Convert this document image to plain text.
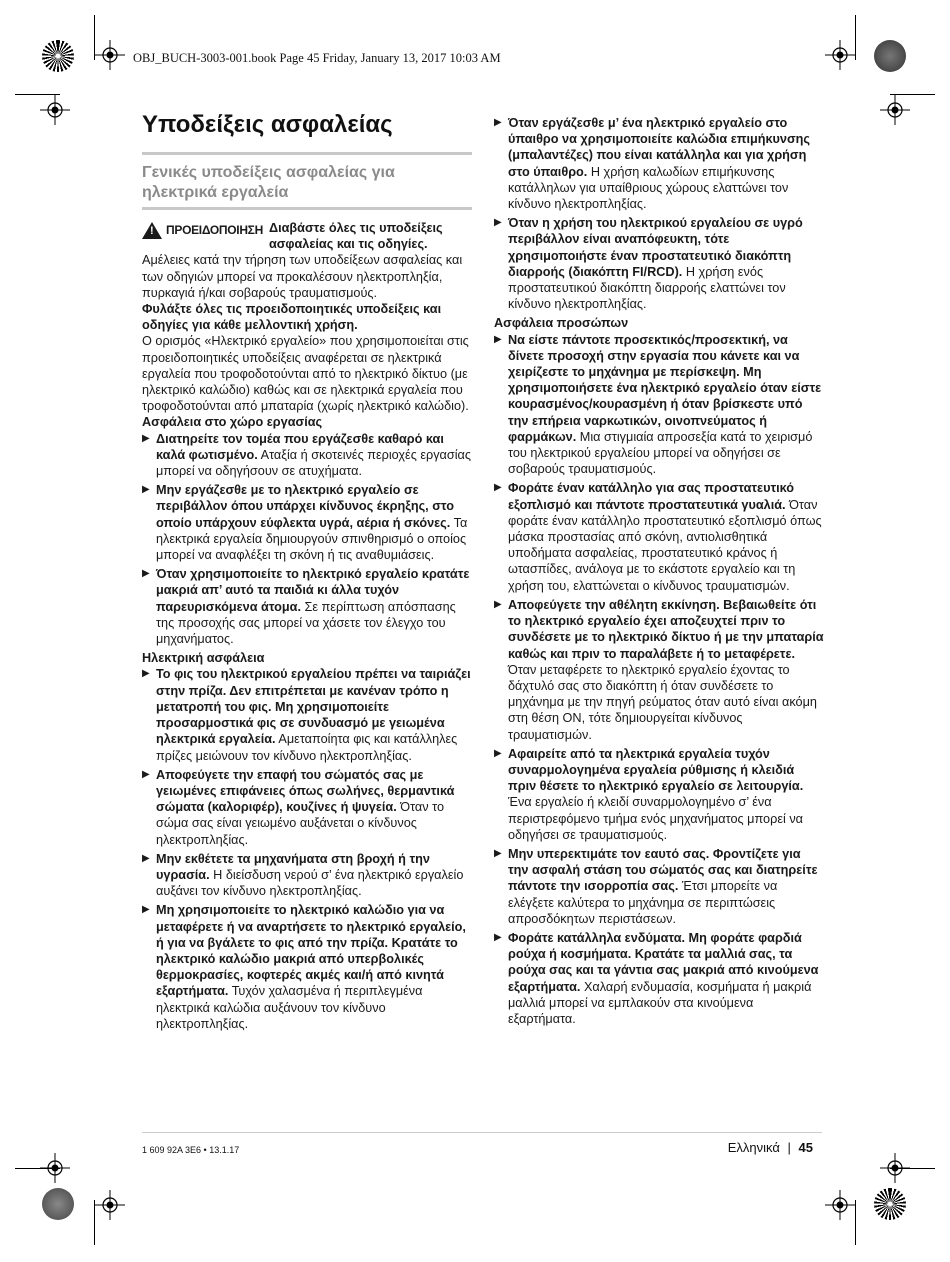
OBJ_BUCH-3003-001.book Page 45 Friday, January 13, 2017 10:03 AM
Υποδείξεις ασφαλείας
Γενικές υποδείξεις ασφαλείας για ηλεκτρικά εργαλεία

! ΠΡΟΕΙΔΟΠΟΙΗΣΗ Διαβάστε όλες τις υποδείξεις ασφαλείας και τις οδηγίες. Αμέλειες κατά την τήρηση των υποδείξεων ασφαλείας και των οδηγιών μπορεί να προκαλέσουν ηλεκτροπληξία, πυρκαγιά ή/και σοβαρούς τραυματισμούς.

Φυλάξτε όλες τις προειδοποιητικές υποδείξεις και οδηγίες για κάθε μελλοντική χρήση.

Ο ορισμός «Ηλεκτρικό εργαλείο» που χρησιμοποιείται στις προειδοποιητικές υποδείξεις αναφέρεται σε ηλεκτρικά εργαλεία που τροφοδοτούνται από το ηλεκτρικό δίκτυο (με ηλεκτρικό καλώδιο) καθώς και σε ηλεκτρικά εργαλεία που τροφοδοτούνται από μπαταρία (χωρίς ηλεκτρικό καλώδιο).

Ασφάλεια στο χώρο εργασίας

▶ Διατηρείτε τον τομέα που εργάζεσθε καθαρό και καλά φωτισμένο. Αταξία ή σκοτεινές περιοχές εργασίας μπορεί να οδηγήσουν σε ατυχήματα.
▶ Μην εργάζεσθε με το ηλεκτρικό εργαλείο σε περιβάλλον όπου υπάρχει κίνδυνος έκρηξης, στο οποίο υπάρχουν εύφλεκτα υγρά, αέρια ή σκόνες. Τα ηλεκτρικά εργαλεία δημιουργούν σπινθηρισμό ο οποίος μπορεί να αναφλέξει τη σκόνη ή τις αναθυμιάσεις.
▶ Όταν χρησιμοποιείτε το ηλεκτρικό εργαλείο κρατάτε μακριά απ’ αυτό τα παιδιά κι άλλα τυχόν παρευρισκόμενα άτομα. Σε περίπτωση απόσπασης της προσοχής σας μπορεί να χάσετε τον έλεγχο του μηχανήματος.

Ηλεκτρική ασφάλεια

▶ Το φις του ηλεκτρικού εργαλείου πρέπει να ταιριάζει στην πρίζα. Δεν επιτρέπεται με κανέναν τρόπο η μετατροπή του φις. Μη χρησιμοποιείτε προσαρμοστικά φις σε συνδυασμό με γειωμένα ηλεκτρικά εργαλεία. Αμεταποίητα φις και κατάλληλες πρίζες μειώνουν τον κίνδυνο ηλεκτροπληξίας.
▶ Αποφεύγετε την επαφή του σώματός σας με γειωμένες επιφάνειες όπως σωλήνες, θερμαντικά σώματα (καλοριφέρ), κουζίνες ή ψυγεία. Όταν το σώμα σας είναι γειωμένο αυξάνεται ο κίνδυνος ηλεκτροπληξίας.
▶ Μην εκθέτετε τα μηχανήματα στη βροχή ή την υγρασία. Η διείσδυση νερού σ’ ένα ηλεκτρικό εργαλείο αυξάνει τον κίνδυνο ηλεκτροπληξίας.
▶ Μη χρησιμοποιείτε το ηλεκτρικό καλώδιο για να μεταφέρετε ή να αναρτήσετε το ηλεκτρικό εργαλείο, ή για να βγάλετε το φις από την πρίζα. Κρατάτε το ηλεκτρικό καλώδιο μακριά από υπερβολικές θερμοκρασίες, κοφτερές ακμές και/ή από κινητά εξαρτήματα. Τυχόν χαλασμένα ή περιπλεγμένα ηλεκτρικά καλώδια αυξάνουν τον κίνδυνο ηλεκτροπληξίας.
▶ Όταν εργάζεσθε μ’ ένα ηλεκτρικό εργαλείο στο ύπαιθρο να χρησιμοποιείτε καλώδια επιμήκυνσης (μπαλαντέζες) που είναι κατάλληλα και για χρήση στο ύπαιθρο. Η χρήση καλωδίων επιμήκυνσης κατάλληλων για υπαίθριους χώρους ελαττώνει τον κίνδυνο ηλεκτροπληξίας.
▶ Όταν η χρήση του ηλεκτρικού εργαλείου σε υγρό περιβάλλον είναι αναπόφευκτη, τότε χρησιμοποιήστε έναν προστατευτικό διακόπτη διαρροής (διακόπτη FI/RCD). Η χρήση ενός προστατευτικού διακόπτη διαρροής ελαττώνει τον κίνδυνο ηλεκτροπληξίας.

Ασφάλεια προσώπων

▶ Να είστε πάντοτε προσεκτικός/προσεκτική, να δίνετε προσοχή στην εργασία που κάνετε και να χειρίζεστε το μηχάνημα με περίσκεψη. Μη χρησιμοποιήσετε ένα ηλεκτρικό εργαλείο όταν είστε κουρασμένος/κουρασμένη ή όταν βρίσκεστε υπό την επήρεια ναρκωτικών, οινοπνεύματος ή φαρμάκων. Μια στιγμιαία απροσεξία κατά το χειρισμό του ηλεκτρικού εργαλείου μπορεί να οδηγήσει σε σοβαρούς τραυματισμούς.
▶ Φοράτε έναν κατάλληλο για σας προστατευτικό εξοπλισμό και πάντοτε προστατευτικά γυαλιά. Όταν φοράτε έναν κατάλληλο προστατευτικό εξοπλισμό όπως μάσκα προστασίας από σκόνη, αντιολισθητικά υποδήματα ασφαλείας, προστατευτικό κράνος ή ωτασπίδες, ανάλογα με το εκάστοτε εργαλείο και τη χρήση του, ελαττώνεται ο κίνδυνος τραυματισμών.
▶ Αποφεύγετε την αθέλητη εκκίνηση. Βεβαιωθείτε ότι το ηλεκτρικό εργαλείο έχει αποζευχτεί πριν το συνδέσετε με το ηλεκτρικό δίκτυο ή με την μπαταρία καθώς και πριν το παραλάβετε ή το μεταφέρετε. Όταν μεταφέρετε το ηλεκτρικό εργαλείο έχοντας το δάχτυλό σας στο διακόπτη ή όταν συνδέσετε το μηχάνημα με την πηγή ρεύματος όταν αυτό είναι ακόμη στη θέση ON, τότε δημιουργείται κίνδυνος τραυματισμών.
▶ Αφαιρείτε από τα ηλεκτρικά εργαλεία τυχόν συναρμολογημένα εργαλεία ρύθμισης ή κλειδιά πριν θέσετε το ηλεκτρικό εργαλείο σε λειτουργία. Ένα εργαλείο ή κλειδί συναρμολογημένο σ’ ένα περιστρεφόμενο τμήμα ενός μηχανήματος μπορεί να οδηγήσει σε τραυματισμούς.
▶ Μην υπερεκτιμάτε τον εαυτό σας. Φροντίζετε για την ασφαλή στάση του σώματός σας και διατηρείτε πάντοτε την ισορροπία σας. Έτσι μπορείτε να ελέγξετε καλύτερα το μηχάνημα σε περιπτώσεις απροσδόκητων περιστάσεων.
▶ Φοράτε κατάλληλα ενδύματα. Μη φοράτε φαρδιά ρούχα ή κοσμήματα. Κρατάτε τα μαλλιά σας, τα ρούχα σας και τα γάντια σας μακριά από κινούμενα εξαρτήματα. Χαλαρή ενδυμασία, κοσμήματα ή μακριά μαλλιά μπορεί να εμπλακούν στα κινούμενα εξαρτήματα.
1 609 92A 3E6 • 13.1.17	Ελληνικά | 45
